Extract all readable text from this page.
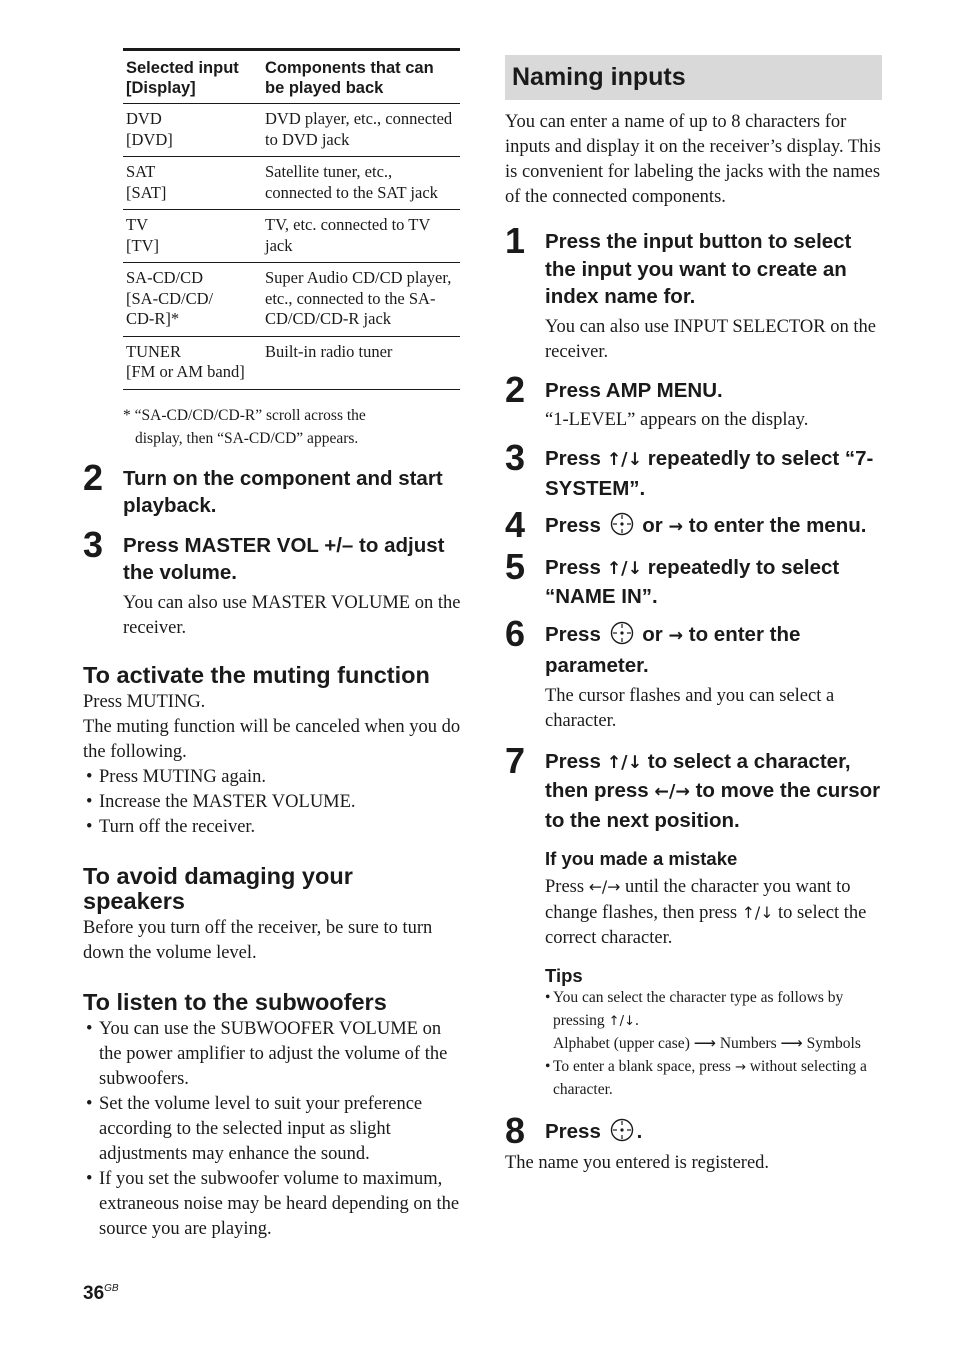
Selected input [Display]	Components that can be played back
DVD
[DVD]	DVD player, etc., connected to DVD jack
SAT
[SAT]	Satellite tuner, etc., connected to the SAT jack
TV
[TV]	TV, etc. connected to TV jack
SA-CD/CD
[SA-CD/CD/
CD-R]*	Super Audio CD/CD player, etc., connected to the SA-CD/CD/CD-R jack
TUNER
[FM or AM band]	Built-in radio tuner
* “SA-CD/CD/CD-R” scroll across the
display, then “SA-CD/CD” appears.
2 Turn on the component and start playback.
3 Press MASTER VOL +/– to adjust the volume.
You can also use MASTER VOLUME on the receiver.
To activate the muting function
Press MUTING.
The muting function will be canceled when you do the following.
• Press MUTING again.
• Increase the MASTER VOLUME.
• Turn off the receiver.
To avoid damaging your speakers
Before you turn off the receiver, be sure to turn down the volume level.
To listen to the subwoofers
• You can use the SUBWOOFER VOLUME on the power amplifier to adjust the volume of the subwoofers.
• Set the volume level to suit your preference according to the selected input as slight adjustments may enhance the sound.
• If you set the subwoofer volume to maximum, extraneous noise may be heard depending on the source you are playing.
Naming inputs
You can enter a name of up to 8 characters for inputs and display it on the receiver’s display. This is convenient for labeling the jacks with the names of the connected components.
1 Press the input button to select the input you want to create an index name for.
You can also use INPUT SELECTOR on the receiver.
2 Press AMP MENU.
“1-LEVEL” appears on the display.
3 Press ↑/↓ repeatedly to select “7-SYSTEM”.
4 Press  or → to enter the menu.
5 Press ↑/↓ repeatedly to select “NAME IN”.
6 Press  or → to enter the parameter.
The cursor flashes and you can select a character.
7 Press ↑/↓ to select a character, then press ←/→ to move the cursor to the next position.
If you made a mistake
Press ←/→ until the character you want to change flashes, then press ↑/↓ to select the correct character.
Tips
• You can select the character type as follows by pressing ↑/↓.
Alphabet (upper case) ⟶ Numbers ⟶ Symbols
• To enter a blank space, press → without selecting a character.
8 Press .
The name you entered is registered.
$36^{GB}$
